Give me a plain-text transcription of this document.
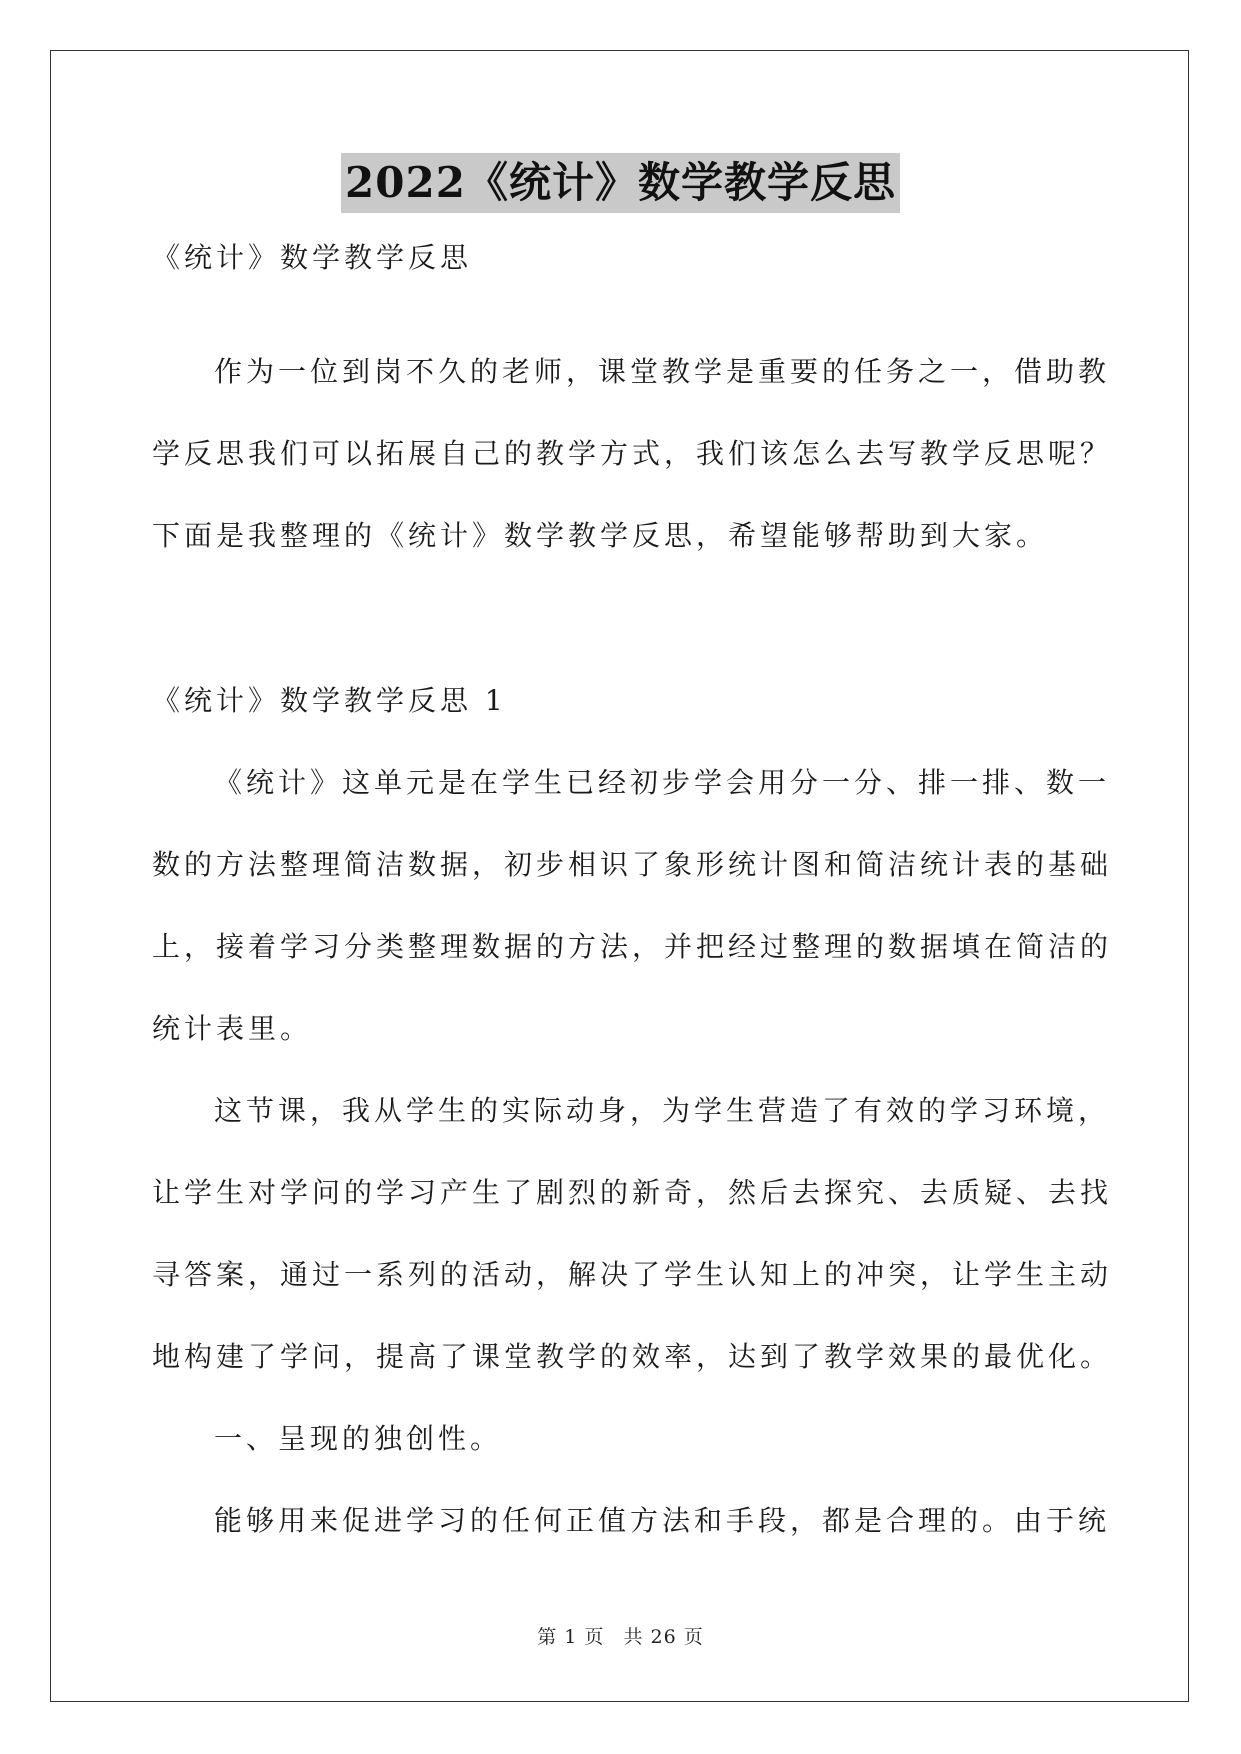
2022《统计》数学教学反思

《统计》数学教学反思

作为一位到岗不久的老师，课堂教学是重要的任务之一，借助教

学反思我们可以拓展自己的教学方式，我们该怎么去写教学反思呢？

下面是我整理的《统计》数学教学反思，希望能够帮助到大家。

《统计》数学教学反思 1

《统计》这单元是在学生已经初步学会用分一分、排一排、数一

数的方法整理简洁数据，初步相识了象形统计图和简洁统计表的基础

上，接着学习分类整理数据的方法，并把经过整理的数据填在简洁的

统计表里。

这节课，我从学生的实际动身，为学生营造了有效的学习环境，

让学生对学问的学习产生了剧烈的新奇，然后去探究、去质疑、去找

寻答案，通过一系列的活动，解决了学生认知上的冲突，让学生主动

地构建了学问，提高了课堂教学的效率，达到了教学效果的最优化。

一、呈现的独创性。

能够用来促进学习的任何正值方法和手段，都是合理的。由于统

第 1 页 共 26 页
